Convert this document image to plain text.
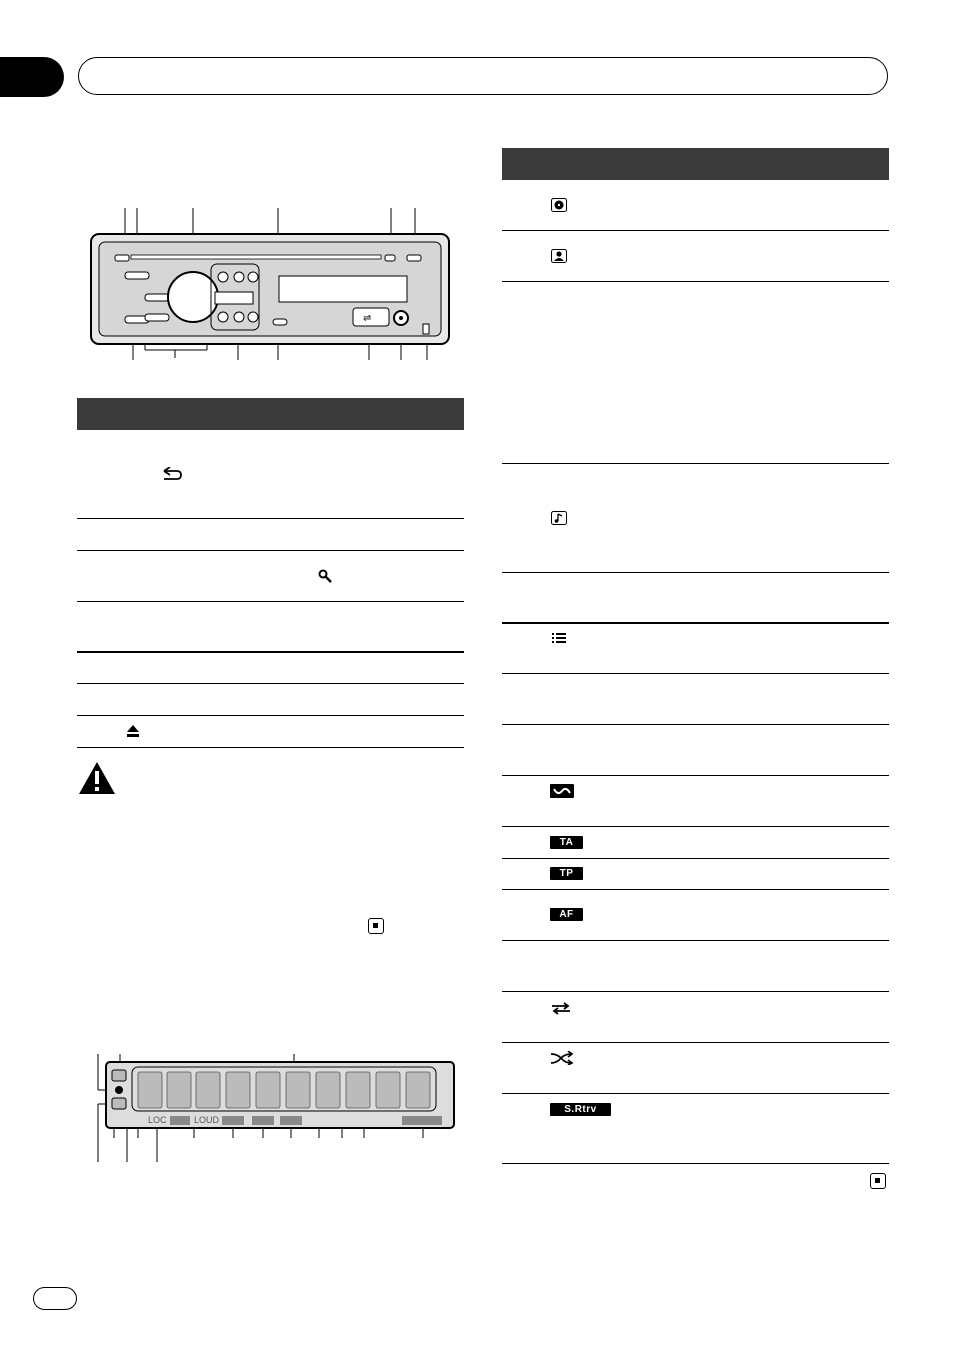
⇌
LOC	LOUD
TA
TP
AF
S.Rtrv
